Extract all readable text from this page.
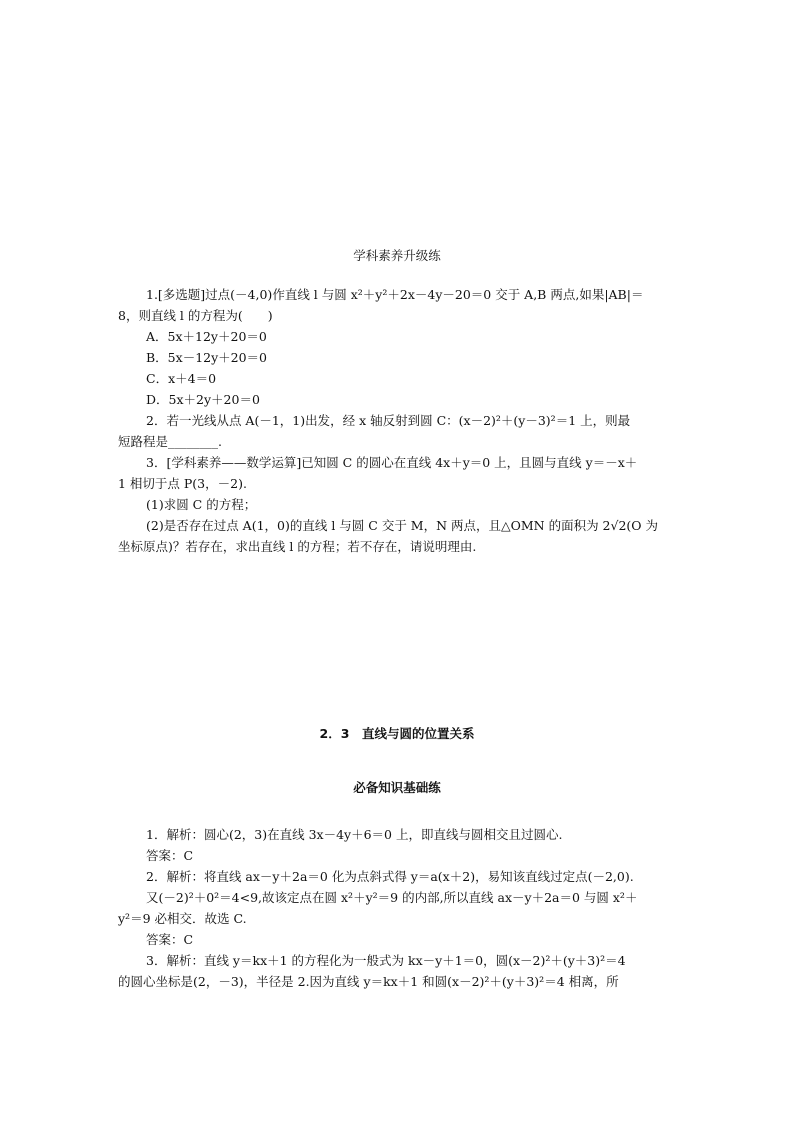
学科素养升级练
1.[多选题]过点(－4,0)作直线 l 与圆 x²＋y²＋2x－4y－20＝0 交于 A,B 两点,如果|AB|＝
8，则直线 l 的方程为(　　)
A．5x＋12y＋20＝0
B．5x－12y＋20＝0
C．x＋4＝0
D．5x＋2y＋20＝0
2．若一光线从点 A(－1，1)出发，经 x 轴反射到圆 C：(x－2)²＋(y－3)²＝1 上，则最
短路程是________.
3．[学科素养——数学运算]已知圆 C 的圆心在直线 4x＋y＝0 上，且圆与直线 y＝－x＋
1 相切于点 P(3，－2).
(1)求圆 C 的方程；
(2)是否存在过点 A(1，0)的直线 l 与圆 C 交于 M，N 两点，且△OMN 的面积为 2√2(O 为
坐标原点)？若存在，求出直线 l 的方程；若不存在，请说明理由.
2．3　直线与圆的位置关系
必备知识基础练
1．解析：圆心(2，3)在直线 3x－4y＋6＝0 上，即直线与圆相交且过圆心.
答案：C
2．解析：将直线 ax－y＋2a＝0 化为点斜式得 y＝a(x＋2)，易知该直线过定点(－2,0).
又(－2)²＋0²＝4<9,故该定点在圆 x²＋y²＝9 的内部,所以直线 ax－y＋2a＝0 与圆 x²＋
y²＝9 必相交．故选 C.
答案：C
3．解析：直线 y＝kx＋1 的方程化为一般式为 kx－y＋1＝0，圆(x－2)²＋(y＋3)²＝4
的圆心坐标是(2，－3)，半径是 2.因为直线 y＝kx＋1 和圆(x－2)²＋(y＋3)²＝4 相离，所
